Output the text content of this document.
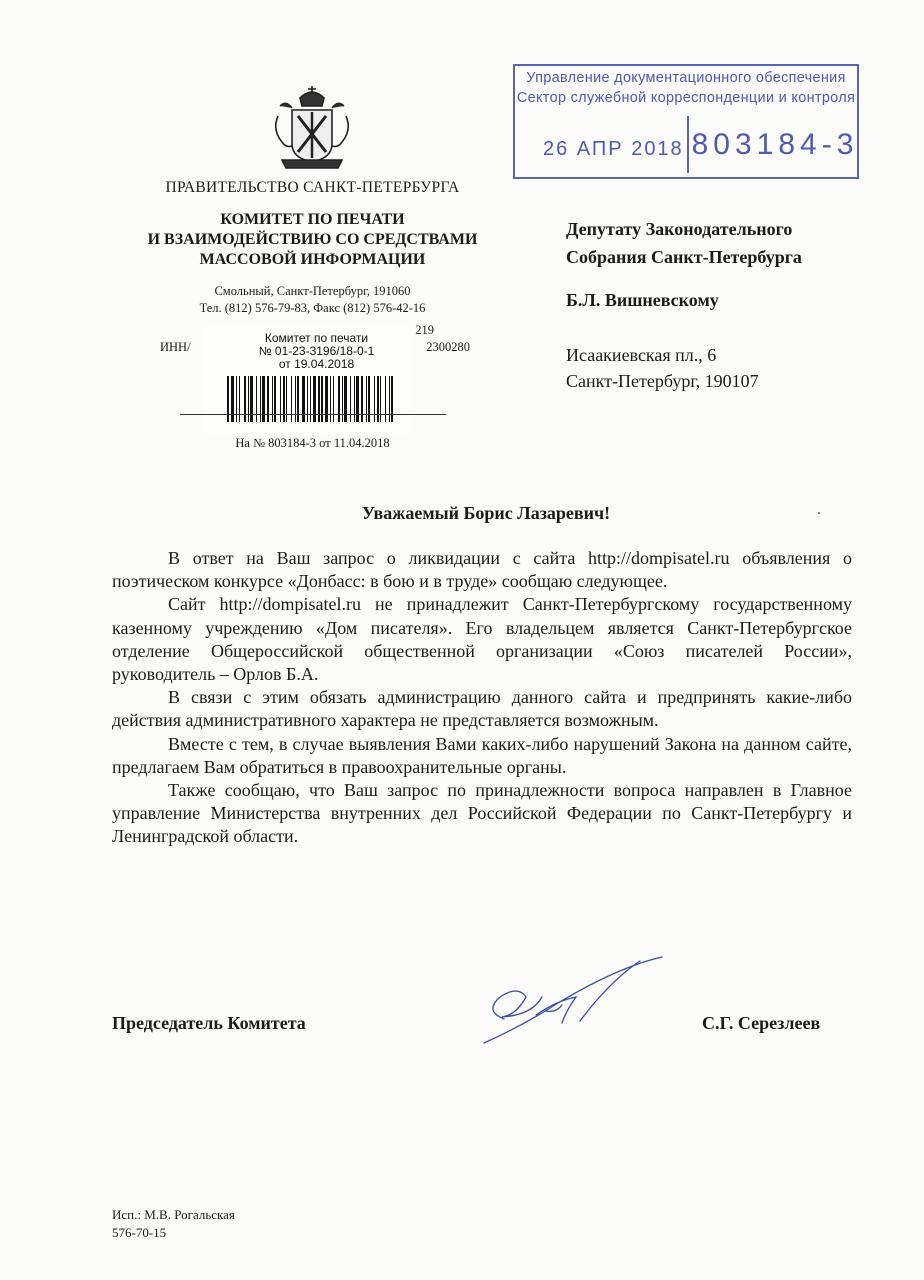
ПРАВИТЕЛЬСТВО САНКТ-ПЕТЕРБУРГА
КОМИТЕТ ПО ПЕЧАТИ
И ВЗАИМОДЕЙСТВИЮ СО СРЕДСТВАМИ
МАССОВОЙ ИНФОРМАЦИИ
Смольный, Санкт-Петербург, 191060
Тел. (812) 576-79-83, Факс (812) 576-42-16
219
ИНН/	2300280
Комитет по печати
№ 01-23-3196/18-0-1
от 19.04.2018
На № 803184-3 от 11.04.2018
Управление документационного обеспечения
Сектор служебной корреспонденции и контроля
26 АПР 2018 803184-3
Депутату Законодательного
Собрания Санкт-Петербурга
Б.Л. Вишневскому
Исаакиевская пл., 6
Санкт-Петербург, 190107
Уважаемый Борис Лазаревич!

В ответ на Ваш запрос о ликвидации с сайта http://dompisatel.ru объявления о поэтическом конкурсе «Донбасс: в бою и в труде» сообщаю следующее.

Сайт http://dompisatel.ru не принадлежит Санкт-Петербургскому государственному казенному учреждению «Дом писателя». Его владельцем является Санкт-Петербургское отделение Общероссийской общественной организации «Союз писателей России», руководитель – Орлов Б.А.

В связи с этим обязать администрацию данного сайта и предпринять какие-либо действия административного характера не представляется возможным.

Вместе с тем, в случае выявления Вами каких-либо нарушений Закона на данном сайте, предлагаем Вам обратиться в правоохранительные органы.

Также сообщаю, что Ваш запрос по принадлежности вопроса направлен в Главное управление Министерства внутренних дел Российской Федерации по Санкт-Петербургу и Ленинградской области.

Председатель Комитета	С.Г. Серезлеев
Исп.: М.В. Рогальская
576-70-15
